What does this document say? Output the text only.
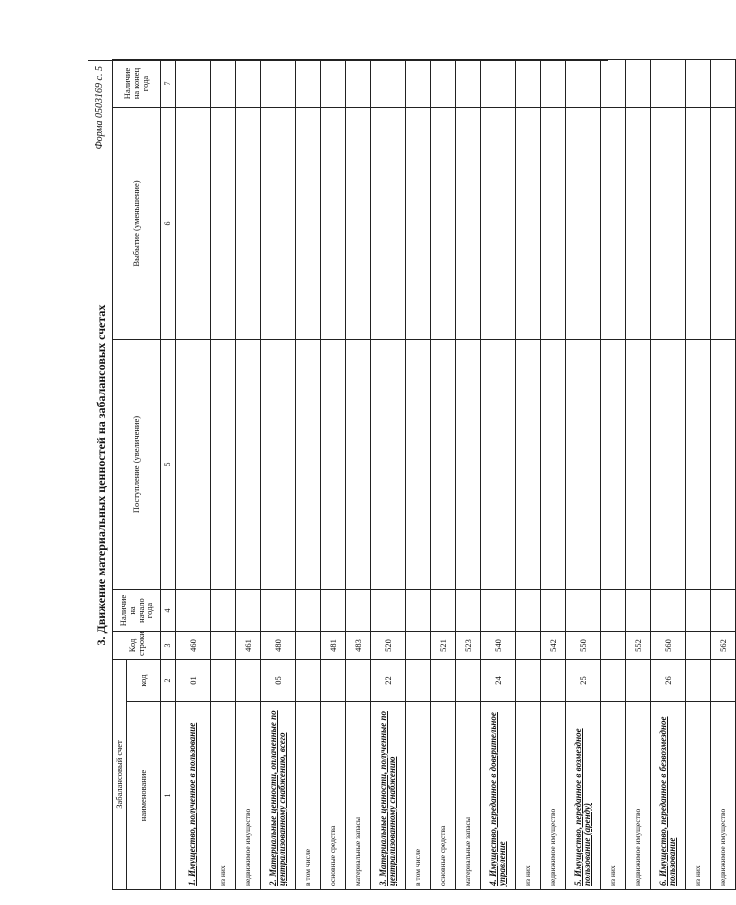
3. Движение материальных ценностей на забалансовых счетах
Форма 0503169 с. 5
Забалансовый счет		Код строки	Наличие на начало года	Поступление (увеличение)	Выбытие (уменьшение)	Наличие на конец года
наименование	код					
1	2	3	4	5	6	7
1. Имущество, полученное в пользование	01	460				
из них						
недвижимое имущество		461				
2. Материальные ценности, оплаченные по централизованному снабжению, всего	05	480				
в том числе						
основные средства		481				
материальные запасы		483				
3. Материальные ценности, полученные по централизованному снабжению	22	520				
в том числе						
основные средства		521				
материальные запасы		523				
4. Имущество, переданное в доверительное управление	24	540				
из них						
недвижимое имущество		542				
5. Имущество, переданное в возмездное пользование (аренду)	25	550				
из них						
недвижимое имущество		552				
6. Имущество, переданное в безвозмездное пользование	26	560				
из них						
недвижимое имущество		562				
